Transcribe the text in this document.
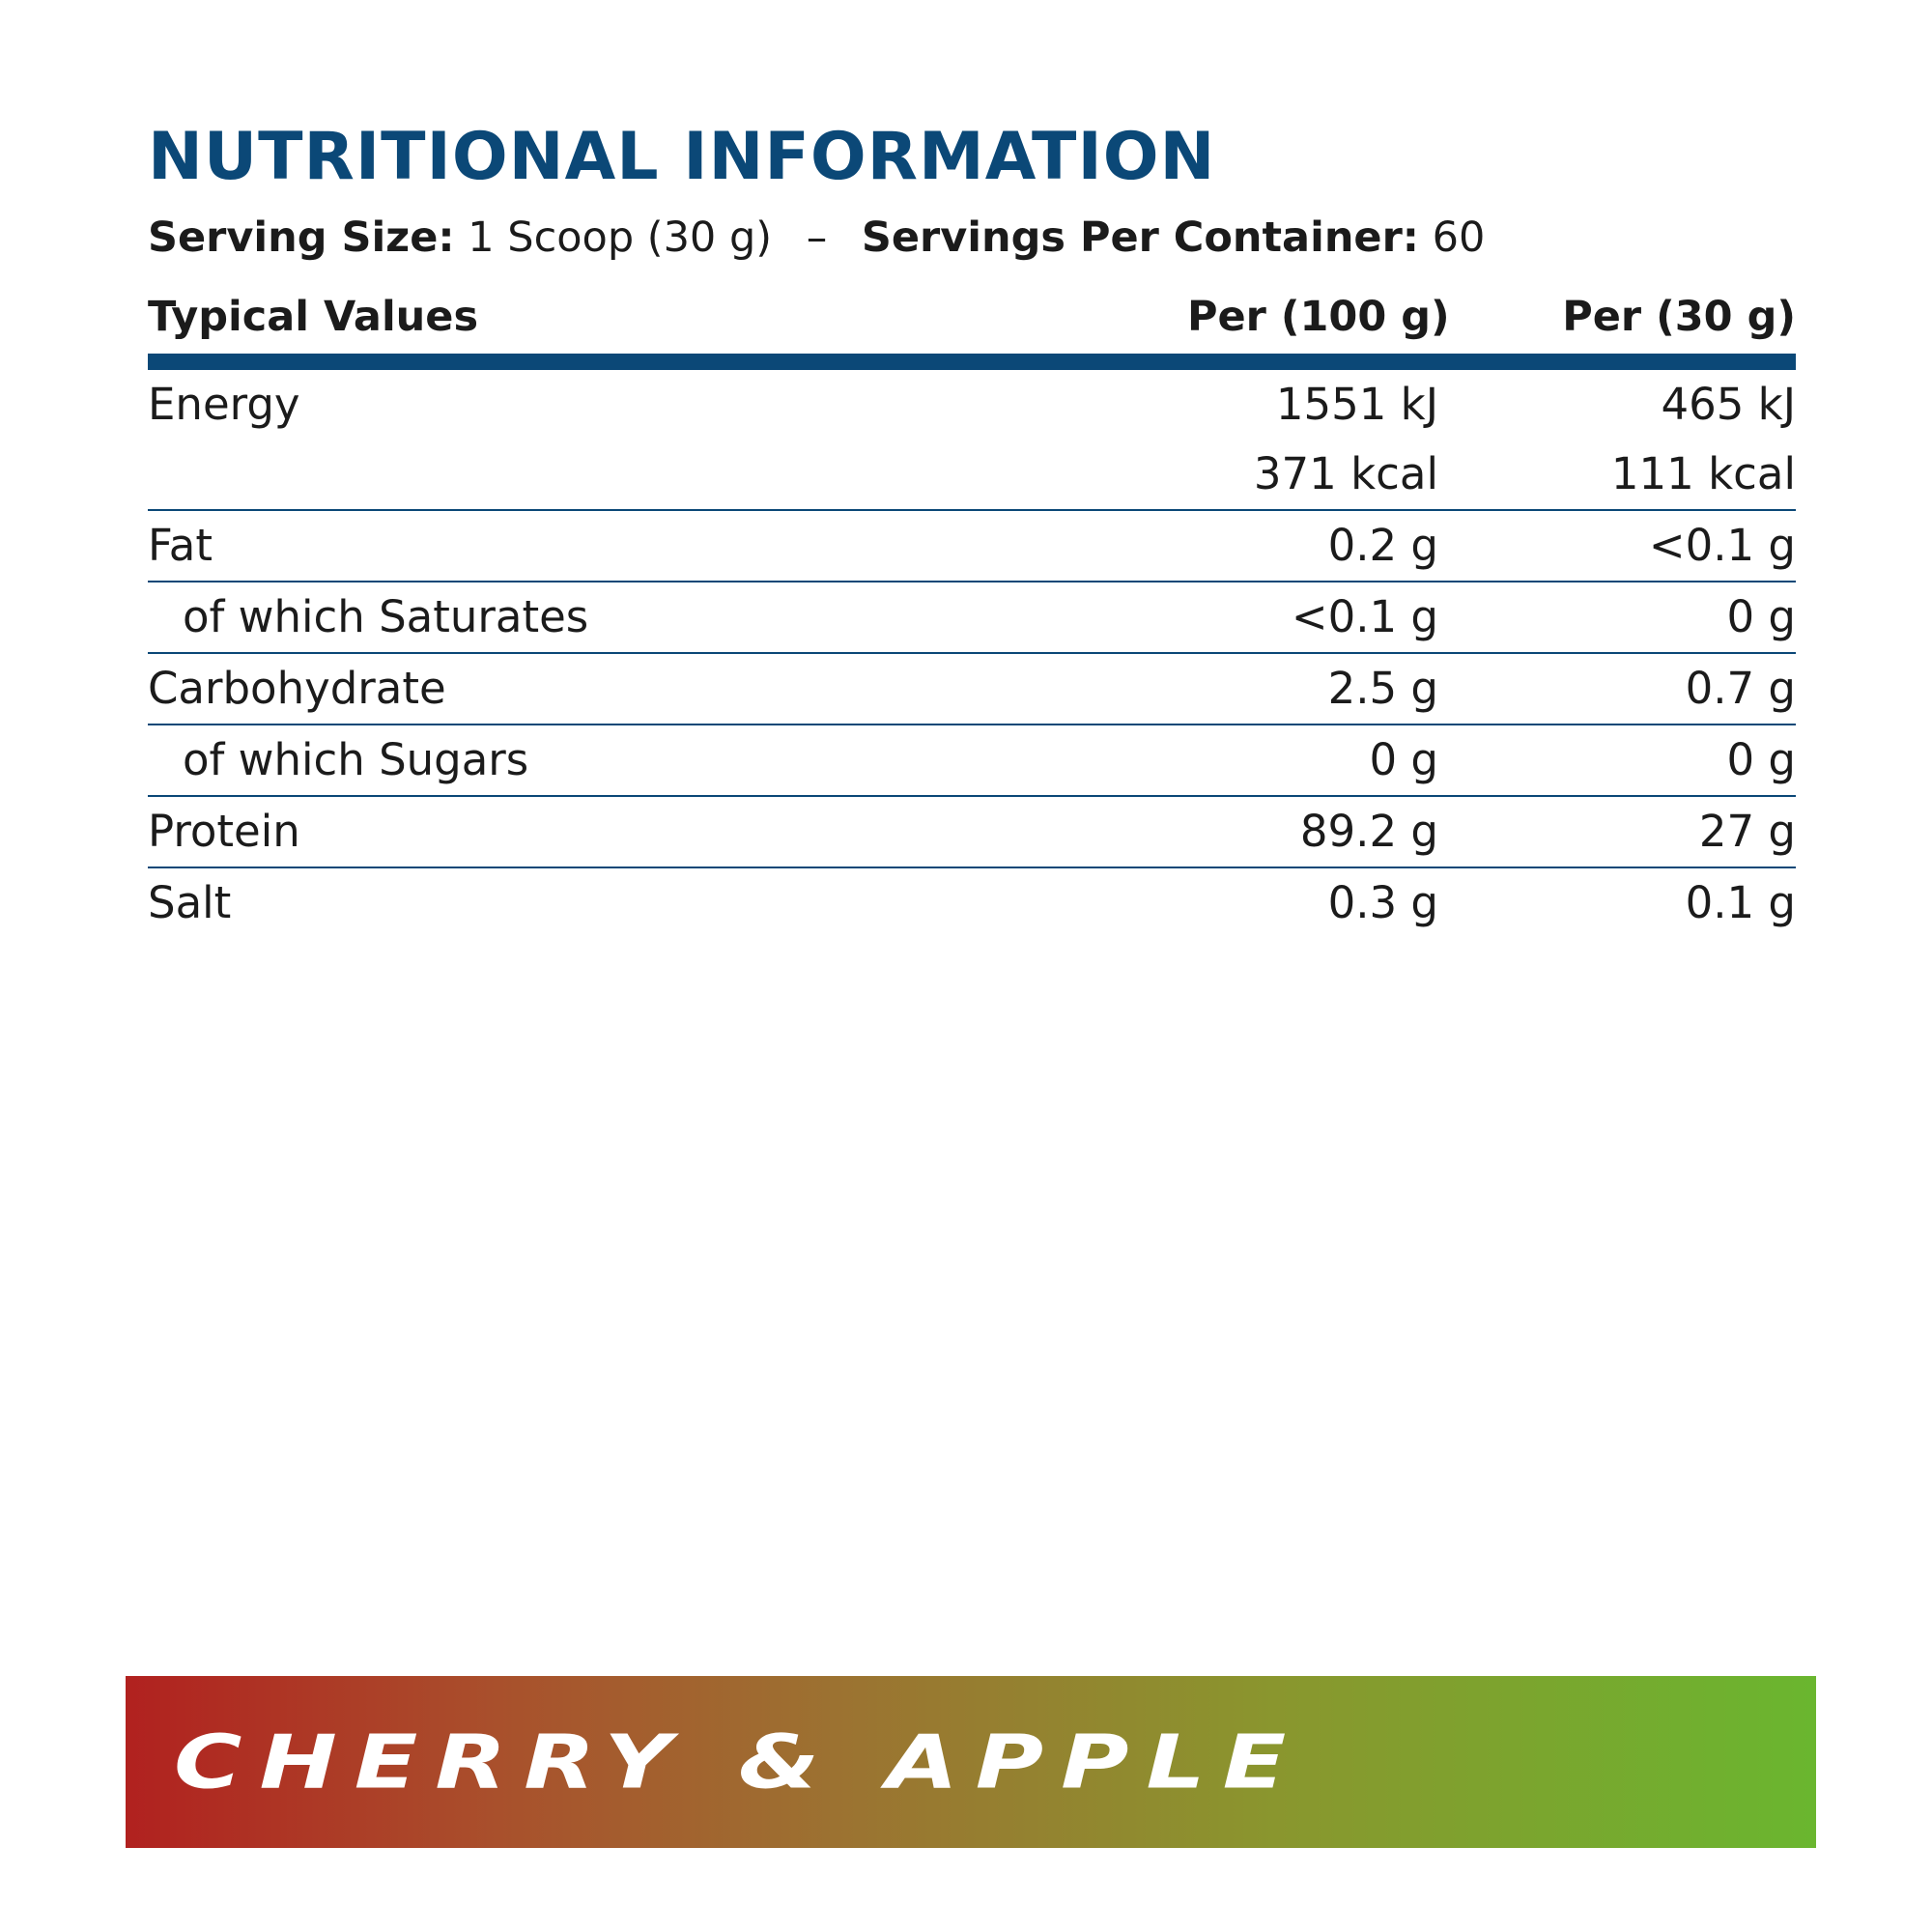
NUTRITIONAL INFORMATION
Serving Size: 1 Scoop (30 g) – Servings Per Container: 60
Typical Values	Per (100 g)	Per (30 g)
Energy	1551 kJ	465 kJ
371 kcal	111 kcal
Fat	0.2 g	<0.1 g
of which Saturates	<0.1 g	0 g
Carbohydrate	2.5 g	0.7 g
of which Sugars	0 g	0 g
Protein	89.2 g	27 g
Salt	0.3 g	0.1 g
CHERRY & APPLE
